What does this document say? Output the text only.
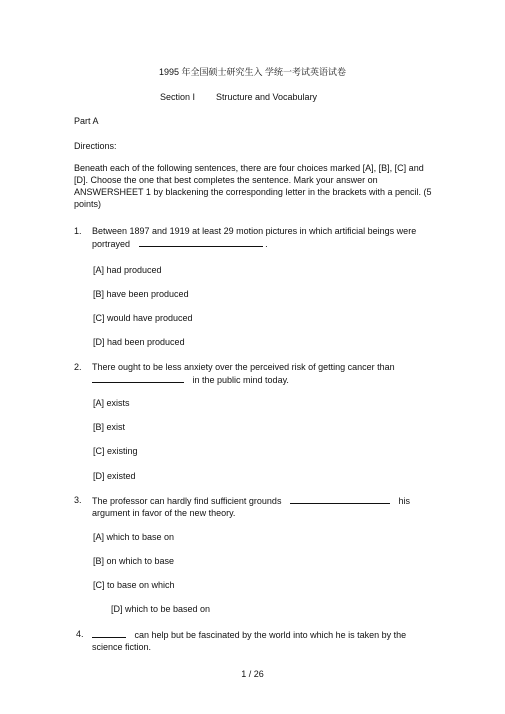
1995 年全国硕士研究生入 学统一考试英语试卷
Section I Structure and Vocabulary
Part A
Directions:
Beneath each of the following sentences, there are four choices marked [A], [B], [C] and [D]. Choose the one that best completes the sentence. Mark your answer on ANSWERSHEET 1 by blackening the corresponding letter in the brackets with a pencil. (5 points)
1. Between 1897 and 1919 at least 29 motion pictures in which artificial beings were portrayed	.
[A] had produced
[B] have been produced
[C] would have produced
[D] had been produced
2. There ought to be less anxiety over the perceived risk of getting cancer than
in the public mind today.
[A] exists
[B] exist
[C] existing
[D] existed
3. The professor can hardly find sufficient grounds	his argument in favor of the new theory.
[A] which to base on
[B] on which to base
[C] to base on which
[D] which to be based on
4.	can help but be fascinated by the world into which he is taken by the science fiction.
1 / 26
